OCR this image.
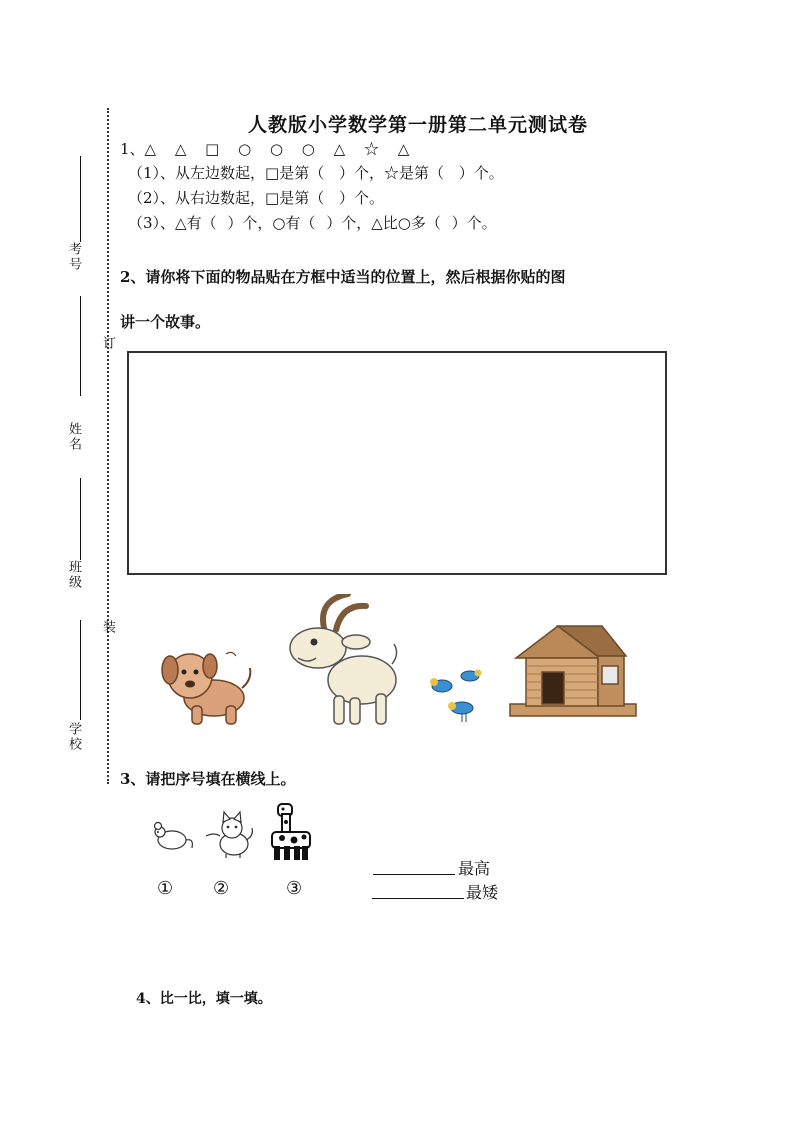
人教版小学数学第一册第二单元测试卷
考号
订
姓名
班级
装
学校
1、△ △ □ ○ ○ ○ △ ☆ △
（1）、从左边数起，□是第（ ）个，☆是第（ ）个。
（2）、从右边数起，□是第（ ）个。
（3）、△有（ ）个，○有（ ）个，△比○多（ ）个。
2、请你将下面的物品贴在方框中适当的位置上，然后根据你贴的图
讲一个故事。
3、请把序号填在横线上。
① ②	③
最高
最矮
4、比一比，填一填。
